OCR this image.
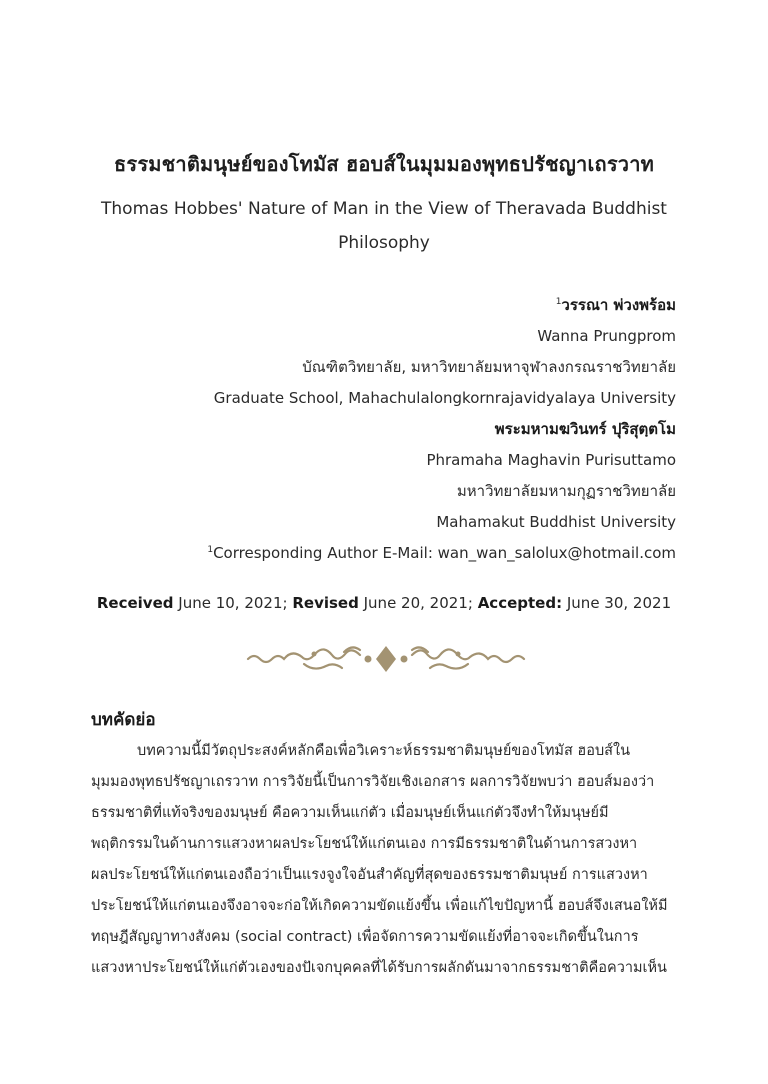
ธรรมชาติมนุษย์ของโทมัส ฮอบส์ในมุมมองพุทธปรัชญาเถรวาท
Thomas Hobbes' Nature of Man in the View of Theravada Buddhist Philosophy
$^1$วรรณา พ่วงพร้อม
Wanna Prungprom
บัณฑิตวิทยาลัย, มหาวิทยาลัยมหาจุฬาลงกรณราชวิทยาลัย
Graduate School, Mahachulalongkornrajavidyalaya University
พระมหามฆวินทร์ ปุริสุตฺตโม
Phramaha Maghavin Purisuttamo
มหาวิทยาลัยมหามกุฏราชวิทยาลัย
Mahamakut Buddhist University
$^1$Corresponding Author E-Mail: wan_wan_salolux@hotmail.com
Received June 10, 2021; Revised June 20, 2021; Accepted: June 30, 2021
บทคัดย่อ
บทความนี้มีวัตถุประสงค์หลักคือเพื่อวิเคราะห์ธรรมชาติมนุษย์ของโทมัส ฮอบส์ใน
มุมมองพุทธปรัชญาเถรวาท การวิจัยนี้เป็นการวิจัยเชิงเอกสาร ผลการวิจัยพบว่า ฮอบส์มองว่า
ธรรมชาติที่แท้จริงของมนุษย์ คือความเห็นแก่ตัว เมื่อมนุษย์เห็นแก่ตัวจึงทำให้มนุษย์มี
พฤติกรรมในด้านการแสวงหาผลประโยชน์ให้แก่ตนเอง การมีธรรมชาติในด้านการสวงหา
ผลประโยชน์ให้แก่ตนเองถือว่าเป็นแรงจูงใจอันสำคัญที่สุดของธรรมชาติมนุษย์ การแสวงหา
ประโยชน์ให้แก่ตนเองจึงอาจจะก่อให้เกิดความขัดแย้งขึ้น เพื่อแก้ไขปัญหานี้ ฮอบส์จึงเสนอให้มี
ทฤษฎีสัญญาทางสังคม (social contract) เพื่อจัดการความขัดแย้งที่อาจจะเกิดขึ้นในการ
แสวงหาประโยชน์ให้แก่ตัวเองของปัเจกบุคคลที่ได้รับการผลักดันมาจากธรรมชาติคือความเห็น
